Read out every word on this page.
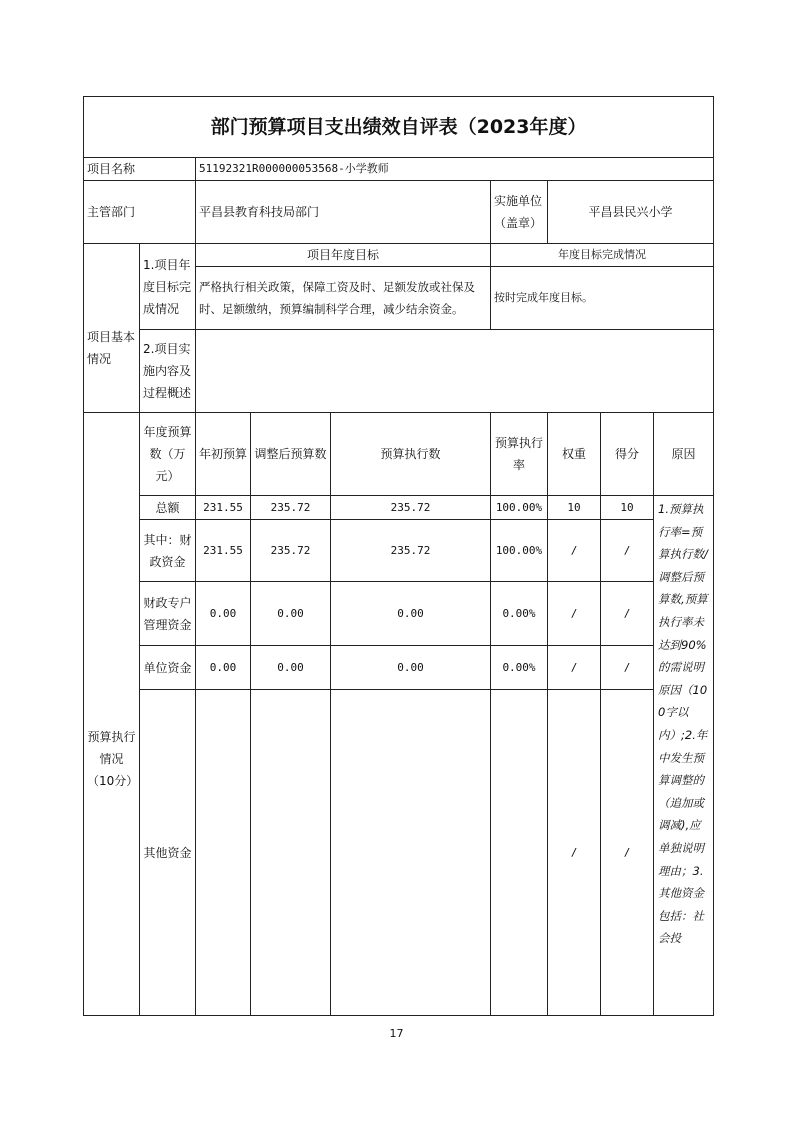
部门预算项目支出绩效自评表（2023年度）								
项目名称		51192321R000000053568-小学教师						
主管部门		平昌县教育科技局部门			实施单位（盖章）	平昌县民兴小学		
项目基本情况	1.项目年度目标完成情况	项目年度目标			年度目标完成情况			
		严格执行相关政策，保障工资及时、足额发放或社保及时、足额缴纳，预算编制科学合理，减少结余资金。			按时完成年度目标。			
	2.项目实施内容及过程概述							
预算执行情况（10分）	年度预算数（万元）	年初预算	调整后预算数	预算执行数	预算执行率	权重	得分	原因
	总额	231.55	235.72	235.72	100.00%	10	10	1.预算执行率=预算执行数/调整后预算数,预算执行率未达到90%的需说明原因（100字以内）;2.年中发生预算调整的（追加或调减),应单独说明理由；3.其他资金包括：社会投
	其中：财政资金	231.55	235.72	235.72	100.00%	/	/	
	财政专户管理资金	0.00	0.00	0.00	0.00%	/	/	
	单位资金	0.00	0.00	0.00	0.00%	/	/	
	其他资金					/	/	
17
